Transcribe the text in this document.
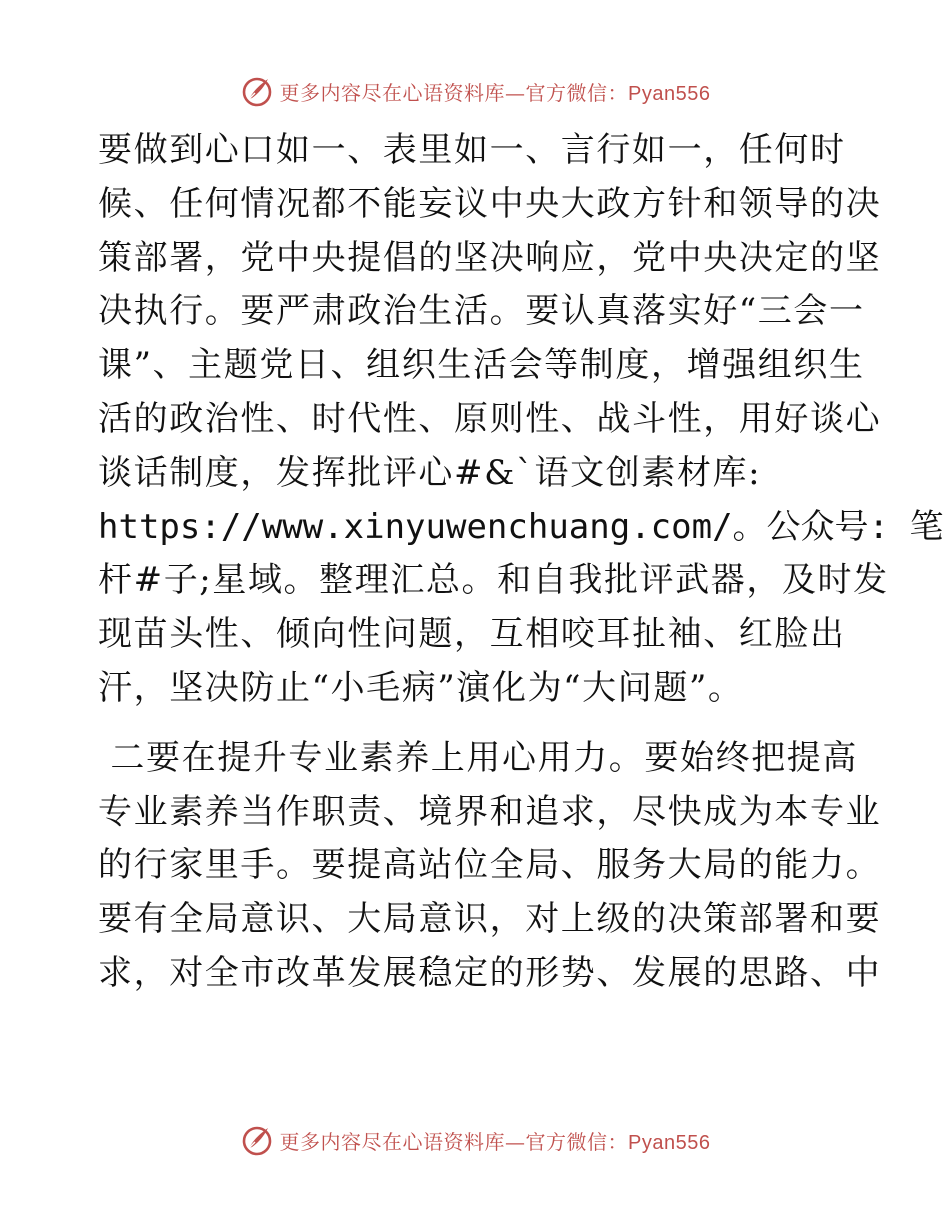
更多内容尽在心语资料库—官方微信：Pyan556
要做到心口如一、表里如一、言行如一，任何时
候、任何情况都不能妄议中央大政方针和领导的决
策部署，党中央提倡的坚决响应，党中央决定的坚
决执行。要严肃政治生活。要认真落实好“三会一
课”、主题党日、组织生活会等制度，增强组织生
活的政治性、时代性、原则性、战斗性，用好谈心
谈话制度，发挥批评心#&`语文创素材库:
https://www.xinyuwenchuang.com/。公众号: 笔
杆#子;星域。整理汇总。和自我批评武器，及时发
现苗头性、倾向性问题，互相咬耳扯袖、红脸出
汗，坚决防止“小毛病”演化为“大问题”。
二要在提升专业素养上用心用力。要始终把提高
专业素养当作职责、境界和追求，尽快成为本专业
的行家里手。要提高站位全局、服务大局的能力。
要有全局意识、大局意识，对上级的决策部署和要
求，对全市改革发展稳定的形势、发展的思路、中
更多内容尽在心语资料库—官方微信：Pyan556
